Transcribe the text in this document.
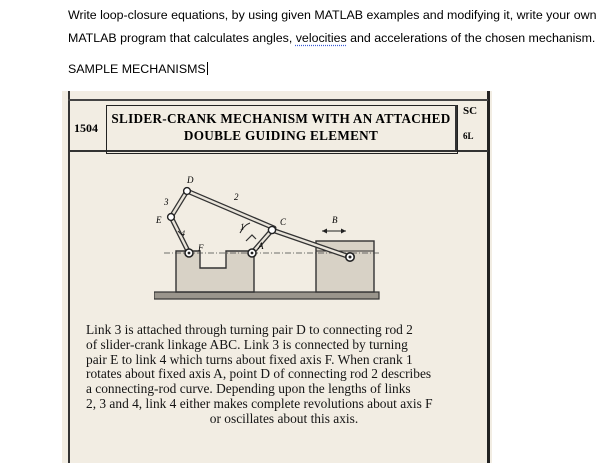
Write loop-closure equations, by using given MATLAB examples and modifying it, write your own
MATLAB program that calculates angles, velocities and accelerations of the chosen mechanism.
SAMPLE MECHANISMS
1504
SLIDER-CRANK MECHANISM WITH AN ATTACHED
DOUBLE GUIDING ELEMENT
SC
6L
D
2
3
E	C
1
B
4
F	A
Link 3 is attached through turning pair D to connecting rod 2
of slider-crank linkage ABC. Link 3 is connected by turning
pair E to link 4 which turns about fixed axis F. When crank 1
rotates about fixed axis A, point D of connecting rod 2 describes
a connecting-rod curve. Depending upon the lengths of links
2, 3 and 4, link 4 either makes complete revolutions about axis F
or oscillates about this axis.
